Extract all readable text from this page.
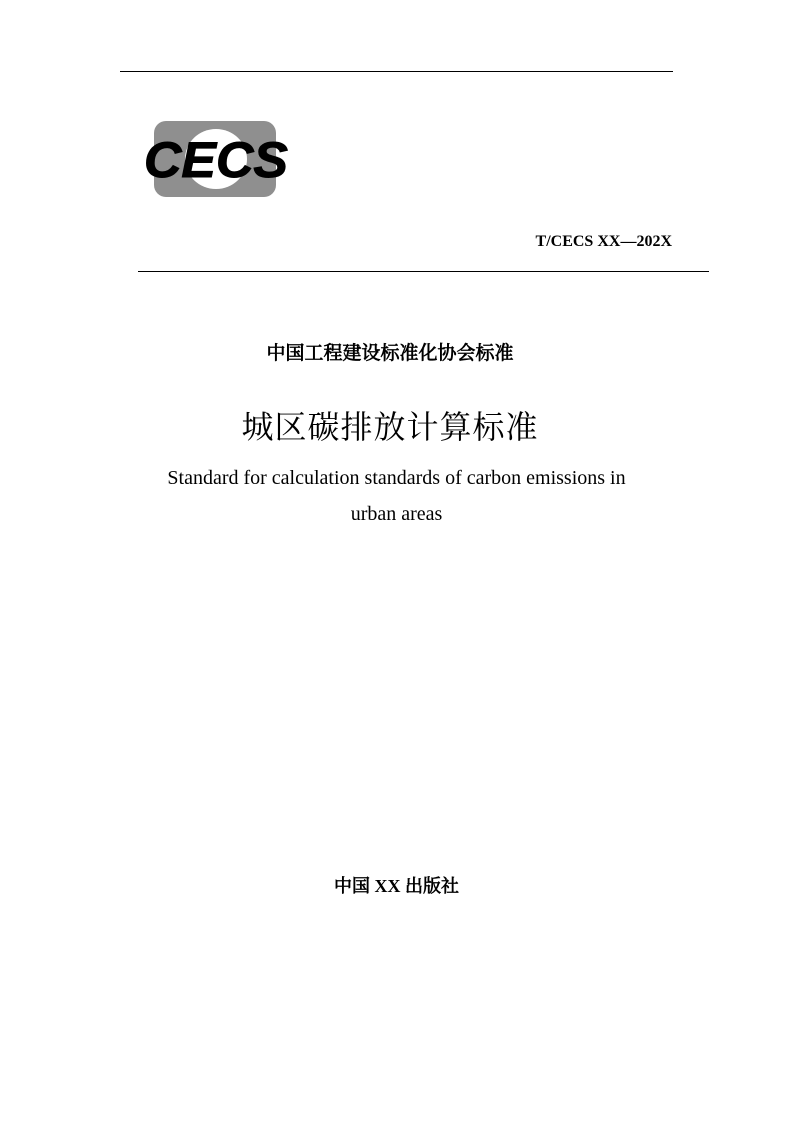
CECS
T/CECS XX—202X
中国工程建设标准化协会标准
城区碳排放计算标准
Standard for calculation standards of carbon emissions in
urban areas
中国 XX 出版社
